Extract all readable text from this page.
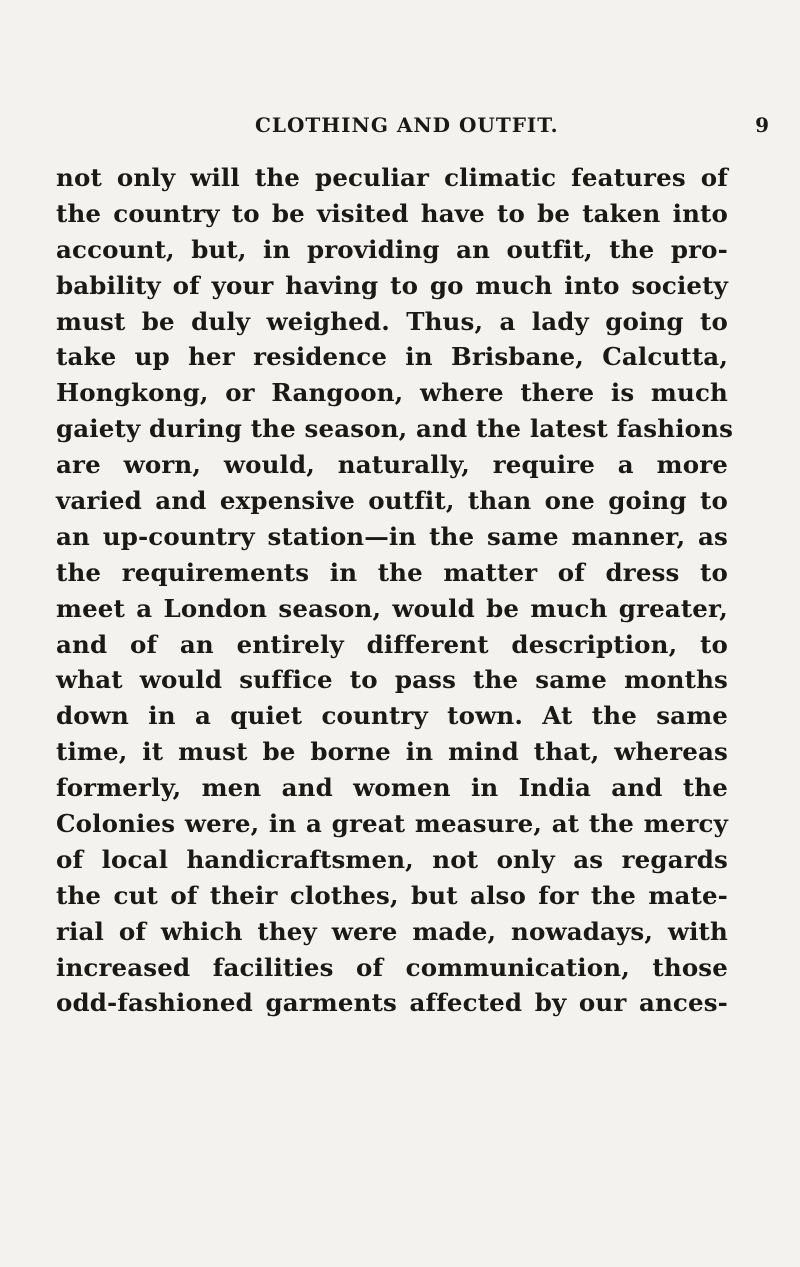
CLOTHING AND OUTFIT.	9
not only will the peculiar climatic features of
the country to be visited have to be taken into
account, but, in providing an outfit, the pro-
bability of your having to go much into society
must be duly weighed. Thus, a lady going to
take up her residence in Brisbane, Calcutta,
Hongkong, or Rangoon, where there is much
gaiety during the season, and the latest fashions
are worn, would, naturally, require a more
varied and expensive outfit, than one going to
an up-country station—in the same manner, as
the requirements in the matter of dress to
meet a London season, would be much greater,
and of an entirely different description, to
what would suffice to pass the same months
down in a quiet country town. At the same
time, it must be borne in mind that, whereas
formerly, men and women in India and the
Colonies were, in a great measure, at the mercy
of local handicraftsmen, not only as regards
the cut of their clothes, but also for the mate-
rial of which they were made, nowadays, with
increased facilities of communication, those
odd-fashioned garments affected by our ances-
